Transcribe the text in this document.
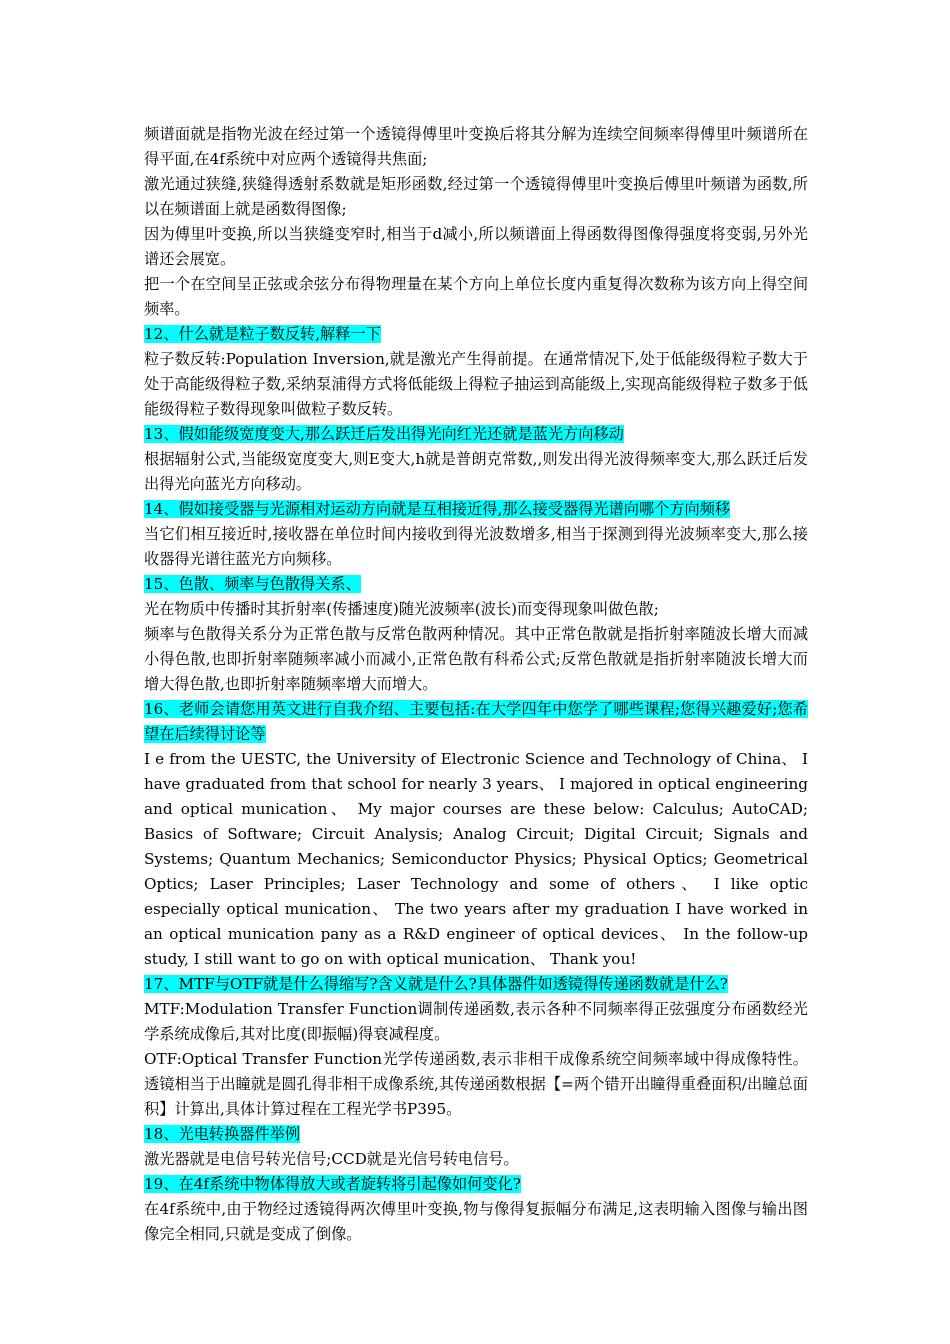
频谱面就是指物光波在经过第一个透镜得傅里叶变换后将其分解为连续空间频率得傅里叶频谱所在得平面,在4f系统中对应两个透镜得共焦面;

激光通过狭缝,狭缝得透射系数就是矩形函数,经过第一个透镜得傅里叶变换后傅里叶频谱为函数,所以在频谱面上就是函数得图像;

因为傅里叶变换,所以当狭缝变窄时,相当于d减小,所以频谱面上得函数得图像得强度将变弱,另外光谱还会展宽。

把一个在空间呈正弦或余弦分布得物理量在某个方向上单位长度内重复得次数称为该方向上得空间频率。

12、什么就是粒子数反转,解释一下

粒子数反转:Population Inversion,就是激光产生得前提。在通常情况下,处于低能级得粒子数大于处于高能级得粒子数,采纳泵浦得方式将低能级上得粒子抽运到高能级上,实现高能级得粒子数多于低能级得粒子数得现象叫做粒子数反转。

13、假如能级宽度变大,那么跃迁后发出得光向红光还就是蓝光方向移动

根据辐射公式,当能级宽度变大,则E变大,h就是普朗克常数,,则发出得光波得频率变大,那么跃迁后发出得光向蓝光方向移动。

14、假如接受器与光源相对运动方向就是互相接近得,那么接受器得光谱向哪个方向频移

当它们相互接近时,接收器在单位时间内接收到得光波数增多,相当于探测到得光波频率变大,那么接收器得光谱往蓝光方向频移。

15、色散、频率与色散得关系、

光在物质中传播时其折射率(传播速度)随光波频率(波长)而变得现象叫做色散;

频率与色散得关系分为正常色散与反常色散两种情况。其中正常色散就是指折射率随波长增大而减小得色散,也即折射率随频率减小而减小,正常色散有科希公式;反常色散就是指折射率随波长增大而增大得色散,也即折射率随频率增大而增大。

16、老师会请您用英文进行自我介绍、主要包括:在大学四年中您学了哪些课程;您得兴趣爱好;您希望在后续得讨论等

I e from the UESTC, the University of Electronic Science and Technology of China、 I have graduated from that school for nearly 3 years、 I majored in optical engineering and optical munication、 My major courses are these below: Calculus; AutoCAD; Basics of Software; Circuit Analysis; Analog Circuit; Digital Circuit; Signals and Systems; Quantum Mechanics; Semiconductor Physics; Physical Optics; Geometrical Optics; Laser Principles; Laser Technology and some of others、 I like optic especially optical munication、 The two years after my graduation I have worked in an optical munication pany as a R&D engineer of optical devices、 In the follow-up study, I still want to go on with optical munication、 Thank you!

17、MTF与OTF就是什么得缩写?含义就是什么?具体器件如透镜得传递函数就是什么?

MTF:Modulation Transfer Function调制传递函数,表示各种不同频率得正弦强度分布函数经光学系统成像后,其对比度(即振幅)得衰减程度。

OTF:Optical Transfer Function光学传递函数,表示非相干成像系统空间频率域中得成像特性。透镜相当于出瞳就是圆孔得非相干成像系统,其传递函数根据【=两个错开出瞳得重叠面积/出瞳总面积】计算出,具体计算过程在工程光学书P395。

18、光电转换器件举例

激光器就是电信号转光信号;CCD就是光信号转电信号。

19、在4f系统中物体得放大或者旋转将引起像如何变化?

在4f系统中,由于物经过透镜得两次傅里叶变换,物与像得复振幅分布满足,这表明输入图像与输出图像完全相同,只就是变成了倒像。
